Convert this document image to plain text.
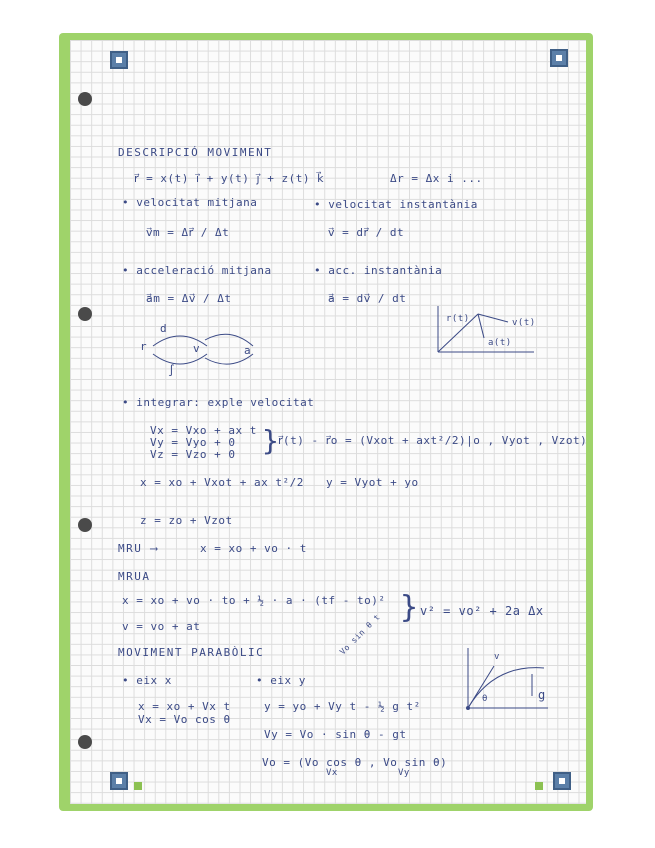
DESCRIPCIÓ MOVIMENT
r⃗ = x(t) i⃗ + y(t) j⃗ + z(t) k⃗	Δr = Δx i ...
• velocitat mitjana
v⃗m = Δr⃗ / Δt
• velocitat instantània
v⃗ = dr⃗ / dt
• acceleració mitjana
a⃗m = Δv⃗ / Δt
• acc. instantània
a⃗ = dv⃗ / dt
r	v	a
d
∫
r(t)	v(t)
a(t)
• integrar: exple velocitat
Vx = Vxo + ax t
Vy = Vyo + 0
Vz = Vzo + 0 }
r⃗(t) - r⃗o = (Vxot + axt²/2)|o , Vyot , Vzot)
x = xo + Vxot + ax t²/2 y = Vyot + yo
z = zo + Vzot
MRU ⟶	x = xo + vo · t
MRUA
x = xo + vo · to + ½ · a · (tf - to)²
v = vo + at
} v² = vo² + 2a Δx
MOVIMENT PARABÒLIC	Vo sin θ t
• eix x	• eix y
x = xo + Vx t
Vx = Vo cos θ
y = yo + Vy t - ½ g t²
Vy = Vo · sin θ - gt
Vo = (Vo cos θ , Vo sin θ)
Vx	Vy
v
θ	g
